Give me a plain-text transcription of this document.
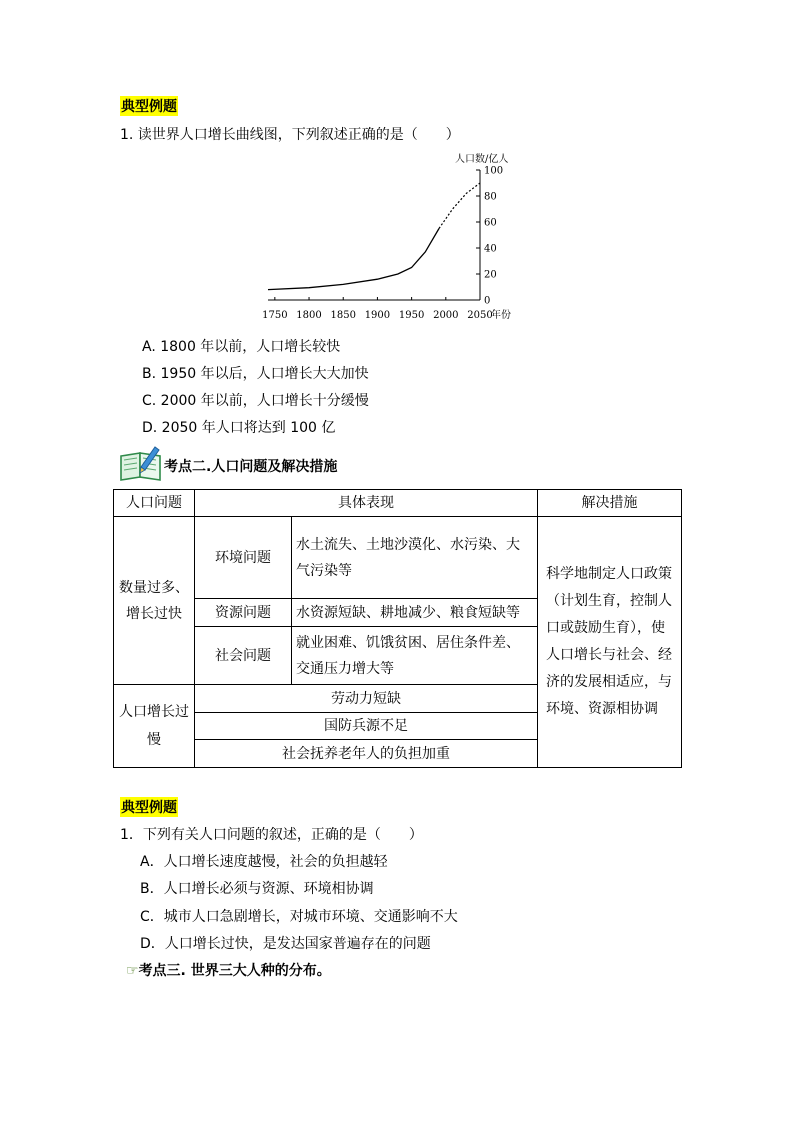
典型例题
1. 读世界人口增长曲线图，下列叙述正确的是（　　）
0
20
40
60
80
100
1750 1800 1850 1900 1950 2000 2050
人口数/亿人
年份
A. 1800 年以前，人口增长较快
B. 1950 年以后，人口增长大大加快
C. 2000 年以前，人口增长十分缓慢
D. 2050 年人口将达到 100 亿
考点二.人口问题及解决措施
人口问题	具体表现		解决措施
数量过多、增长过快	环境问题	水土流失、土地沙漠化、水污染、大气污染等	科学地制定人口政策（计划生育，控制人口或鼓励生育），使人口增长与社会、经济的发展相适应，与环境、资源相协调
	资源问题	水资源短缺、耕地减少、粮食短缺等	
	社会问题	就业困难、饥饿贫困、居住条件差、交通压力增大等	
人口增长过慢	劳动力短缺		
	国防兵源不足		
	社会抚养老年人的负担加重		
典型例题
1．下列有关人口问题的叙述，正确的是（　　）
A．人口增长速度越慢，社会的负担越轻
B．人口增长必须与资源、环境相协调
C．城市人口急剧增长，对城市环境、交通影响不大
D．人口增长过快，是发达国家普遍存在的问题
☞考点三. 世界三大人种的分布。
